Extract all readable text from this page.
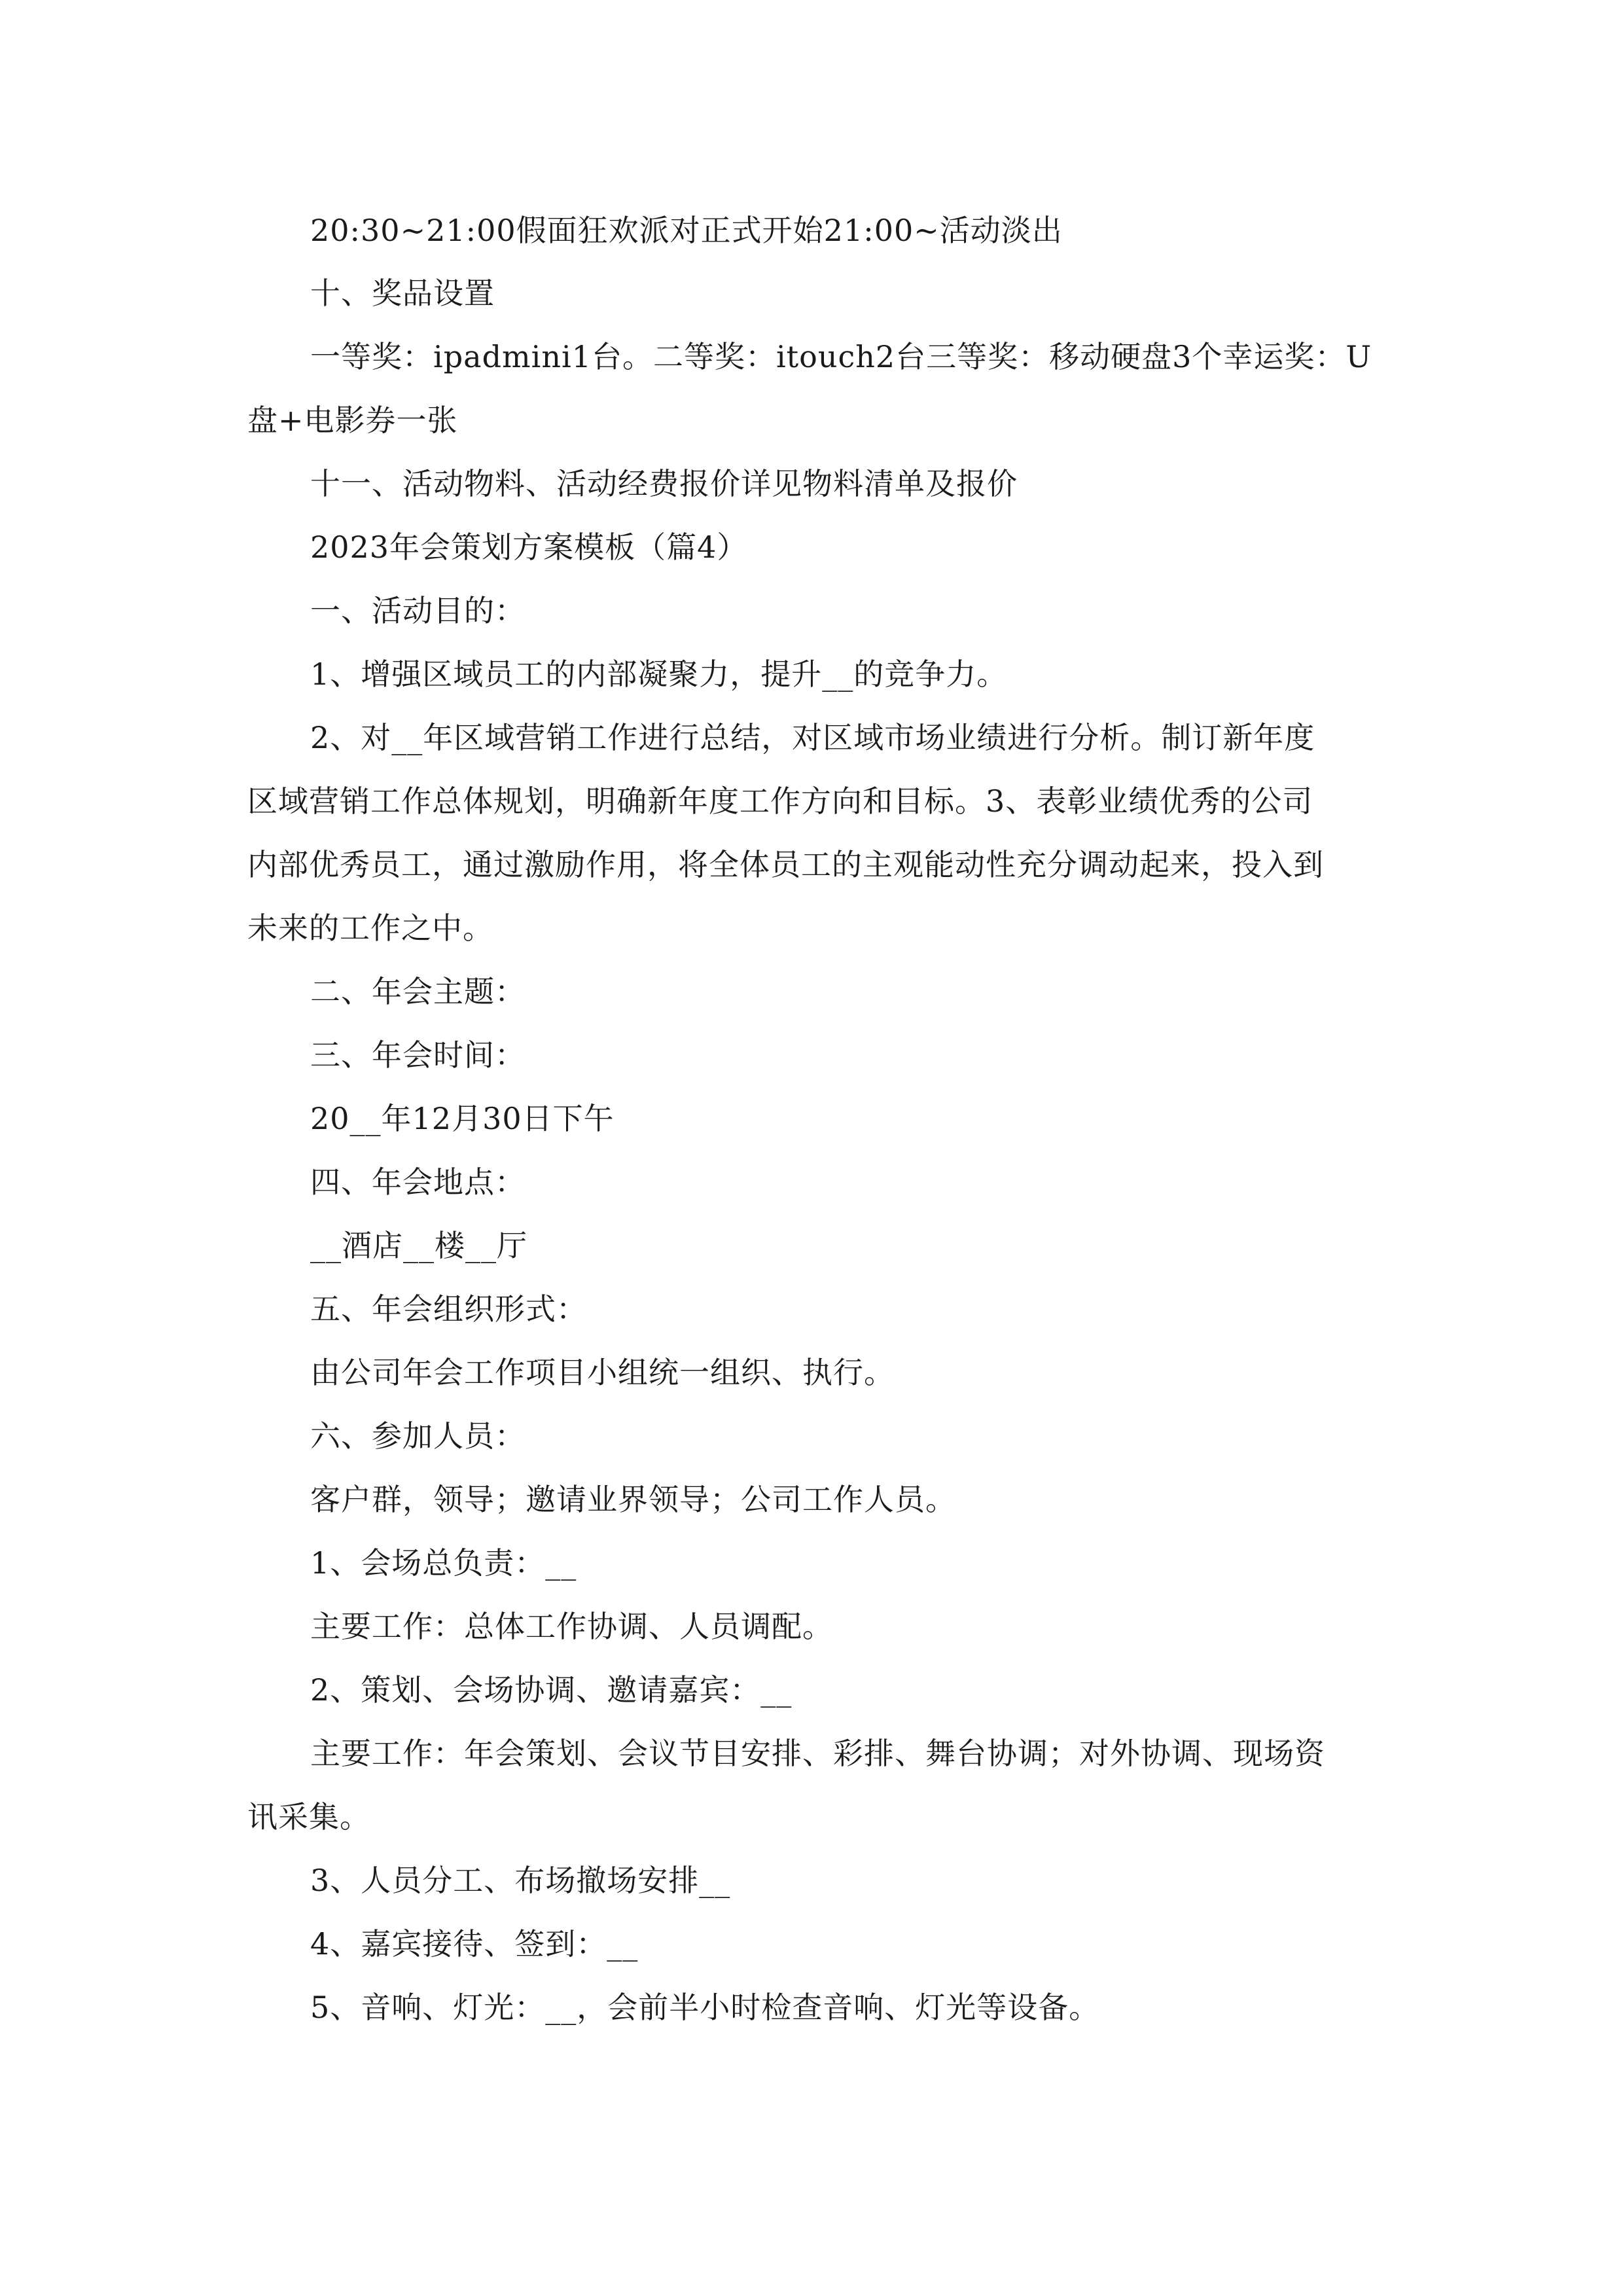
20:30~21:00假面狂欢派对正式开始21:00~活动淡出
十、奖品设置
一等奖：ipadmini1台。二等奖：itouch2台三等奖：移动硬盘3个幸运奖：U
盘+电影券一张
十一、活动物料、活动经费报价详见物料清单及报价
2023年会策划方案模板（篇4）
一、活动目的：
1、增强区域员工的内部凝聚力，提升__的竞争力。
2、对__年区域营销工作进行总结，对区域市场业绩进行分析。制订新年度
区域营销工作总体规划，明确新年度工作方向和目标。3、表彰业绩优秀的公司
内部优秀员工，通过激励作用，将全体员工的主观能动性充分调动起来，投入到
未来的工作之中。
二、年会主题：
三、年会时间：
20__年12月30日下午
四、年会地点：
__酒店__楼__厅
五、年会组织形式：
由公司年会工作项目小组统一组织、执行。
六、参加人员：
客户群，领导；邀请业界领导；公司工作人员。
1、会场总负责：__
主要工作：总体工作协调、人员调配。
2、策划、会场协调、邀请嘉宾：__
主要工作：年会策划、会议节目安排、彩排、舞台协调；对外协调、现场资
讯采集。
3、人员分工、布场撤场安排__
4、嘉宾接待、签到：__
5、音响、灯光：__，会前半小时检查音响、灯光等设备。
